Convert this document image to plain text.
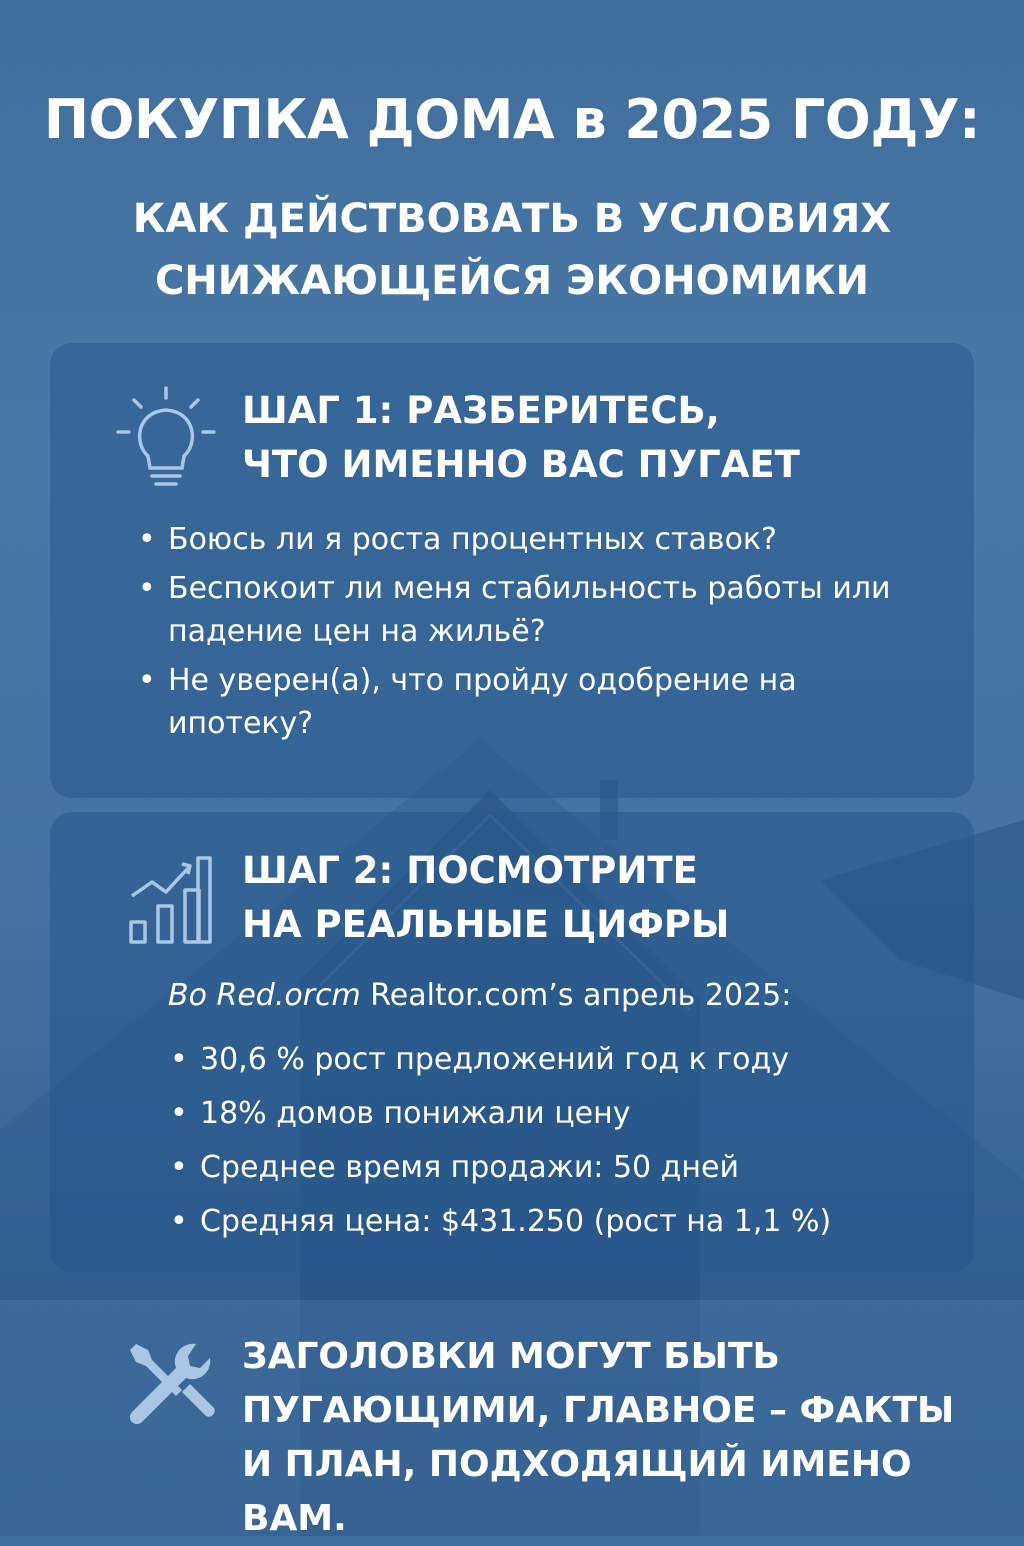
ПОКУПКА ДОМА в 2025 ГОДУ:
КАК ДЕЙСТВОВАТЬ В УСЛОВИЯХ
СНИЖАЮЩЕЙСЯ ЭКОНОМИКИ
ШАГ 1: РАЗБЕРИТЕСЬ,
ЧТО ИМЕННО ВАС ПУГАЕТ
• Боюсь ли я роста процентных ставок?
• Беспокоит ли меня стабильность работы или падение цен на жильё?
• Не уверен(а), что пройду одобрение на ипотеку?
ШАГ 2: ПОСМОТРИТЕ
НА РЕАЛЬНЫЕ ЦИФРЫ

Bo Red.orcm Realtor.com’s апрель 2025:

• 30,6 % рост предложений год к году
• 18% домов понижали цену
• Среднее время продажи: 50 дней
• Средняя цена: $431.250 (рост на 1,1 %)

ЗАГОЛОВКИ МОГУТ БЫТЬ
ПУГАЮЩИМИ, ГЛАВНОЕ – ФАКТЫ
И ПЛАН, ПОДХОДЯЩИЙ ИМЕНО ВАМ.
